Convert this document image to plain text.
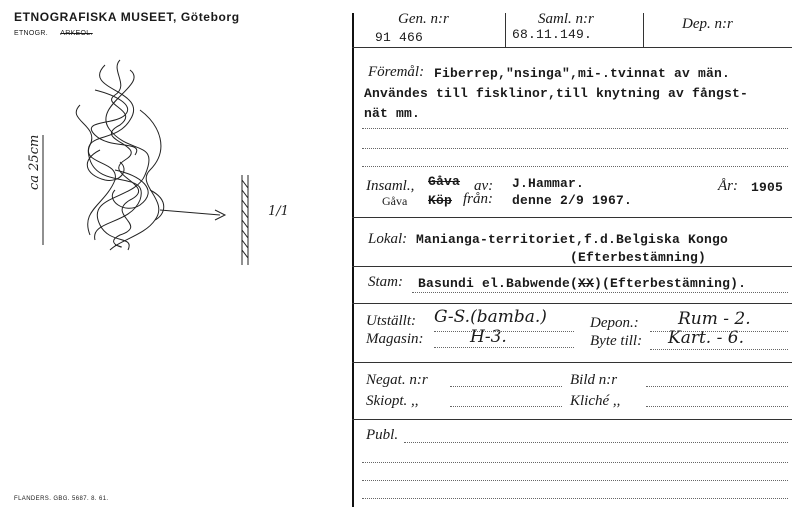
ETNOGRAFISKA MUSEET, Göteborg
ETNOGR. ARKEOL.
ca 25cm
1/1
FLANDERS. GBG. 5687. 8. 61.
Gen. n:r
91 466
Saml. n:r
68.11.149.
Dep. n:r
Föremål: Fiberrep,"nsinga",mi-.tvinnat av män.
Användes till fisklinor,till knytning av fångst-
nät mm.
Insaml., Gåva av: J.Hammar.	År: 1905
Gåva Köp från: denne 2/9 1967.
Lokal: Manianga-territoriet,f.d.Belgiska Kongo
(Efterbestämning)
Stam: Basundi el.Babwende(XX)(Efterbestämning).
Utställt: G-S.(bamba.)
Magasin:	H-3.
Depon.: Rum - 2.
Byte till: Kart. - 6.
Negat. n:r	Bild n:r
Skiopt. ,,	Kliché ,,
Publ.
